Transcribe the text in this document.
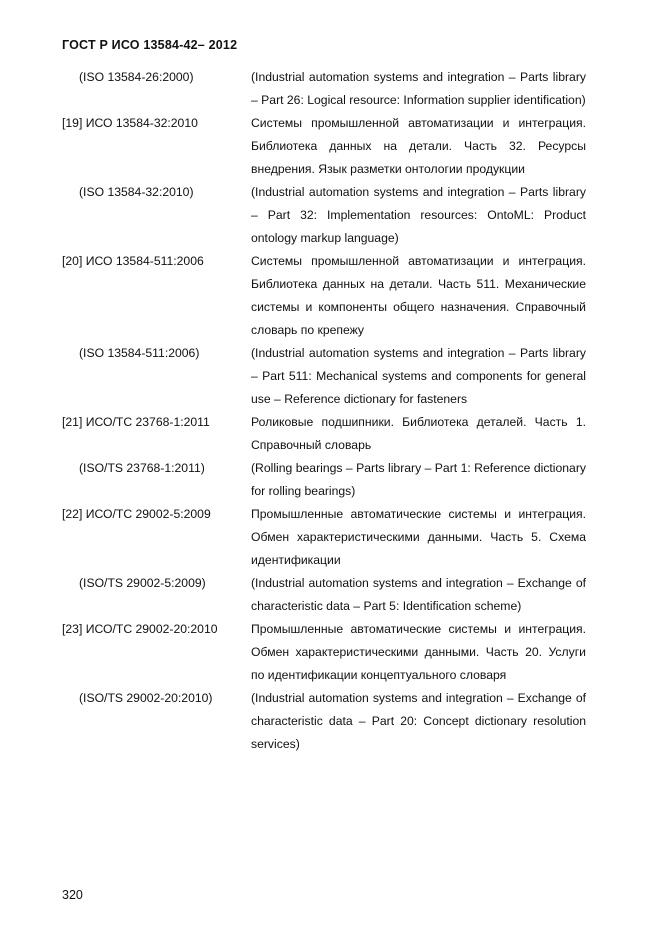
ГОСТ Р ИСО 13584-42– 2012
(ISO 13584-26:2000)	(Industrial automation systems and integration – Parts library – Part 26: Logical resource: Information supplier identification)
[19] ИСО 13584-32:2010	Системы промышленной автоматизации и интеграция. Библиотека данных на детали. Часть 32. Ресурсы внедрения. Язык разметки онтологии продукции
(ISO 13584-32:2010)	(Industrial automation systems and integration – Parts library – Part 32: Implementation resources: OntoML: Product ontology markup language)
[20] ИСО 13584-511:2006	Системы промышленной автоматизации и интеграция. Библиотека данных на детали. Часть 511. Механические системы и компоненты общего назначения. Справочный словарь по крепежу
(ISO 13584-511:2006)	(Industrial automation systems and integration – Parts library – Part 511: Mechanical systems and components for general use – Reference dictionary for fasteners
[21] ИСО/ТС 23768-1:2011	Роликовые подшипники. Библиотека деталей. Часть 1. Справочный словарь
(ISO/TS 23768-1:2011)	(Rolling bearings – Parts library – Part 1: Reference dictionary for rolling bearings)
[22] ИСО/ТС 29002-5:2009	Промышленные автоматические системы и интеграция. Обмен характеристическими данными. Часть 5. Схема идентификации
(ISO/TS 29002-5:2009)	(Industrial automation systems and integration – Exchange of characteristic data – Part 5: Identification scheme)
[23] ИСО/ТС 29002-20:2010	Промышленные автоматические системы и интеграция. Обмен характеристическими данными. Часть 20. Услуги по идентификации концептуального словаря
(ISO/TS 29002-20:2010)	(Industrial automation systems and integration – Exchange of characteristic data – Part 20: Concept dictionary resolution services)
320
